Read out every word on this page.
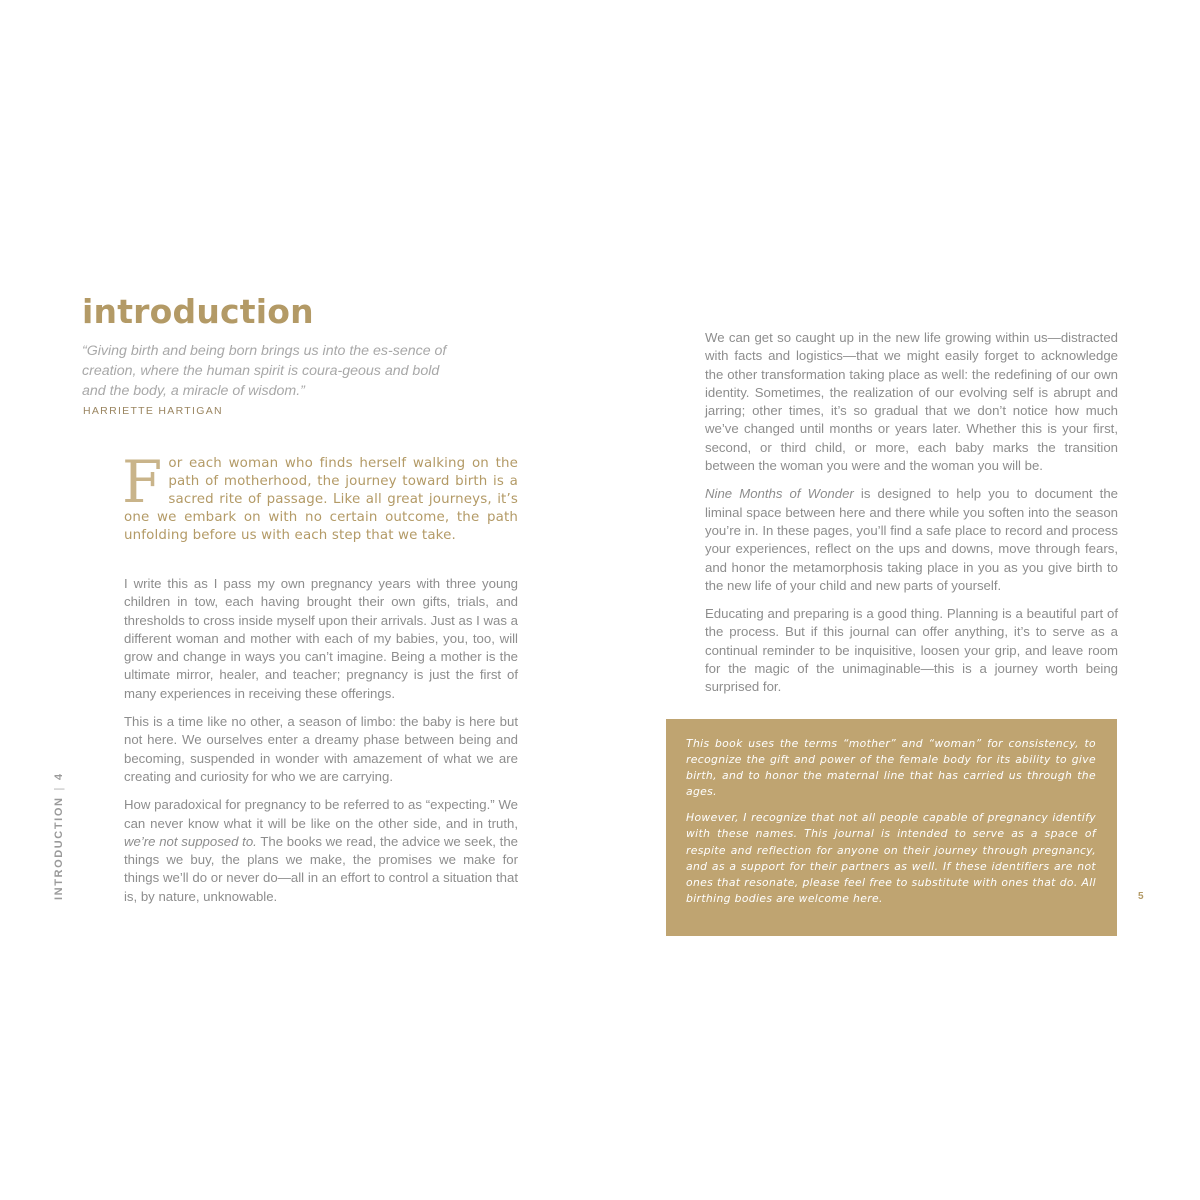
introduction

“Giving birth and being born brings us into the es-sence of creation, where the human spirit is coura-geous and bold and the body, a miracle of wisdom.”

HARRIETTE HARTIGAN

For each woman who finds herself walking on the path of motherhood, the journey toward birth is a sacred rite of passage. Like all great journeys, it’s one we embark on with no certain outcome, the path unfolding before us with each step that we take.

I write this as I pass my own pregnancy years with three young children in tow, each having brought their own gifts, trials, and thresholds to cross inside myself upon their arrivals. Just as I was a different woman and mother with each of my babies, you, too, will grow and change in ways you can’t imagine. Being a mother is the ultimate mirror, healer, and teacher; pregnancy is just the first of many experiences in receiving these offerings.

This is a time like no other, a season of limbo: the baby is here but not here. We ourselves enter a dreamy phase between being and becoming, suspended in wonder with amazement of what we are creating and curiosity for who we are carrying.

How paradoxical for pregnancy to be referred to as “expecting.” We can never know what it will be like on the other side, and in truth, we’re not supposed to. The books we read, the advice we seek, the things we buy, the plans we make, the promises we make for things we’ll do or never do—all in an effort to control a situation that is, by nature, unknowable.

INTRODUCTION|4

We can get so caught up in the new life growing within us—distracted with facts and logistics—that we might easily forget to acknowledge the other transformation taking place as well: the redefining of our own identity. Sometimes, the realization of our evolving self is abrupt and jarring; other times, it’s so gradual that we don’t notice how much we’ve changed until months or years later. Whether this is your first, second, or third child, or more, each baby marks the transition between the woman you were and the woman you will be.

Nine Months of Wonder is designed to help you to document the liminal space between here and there while you soften into the season you’re in. In these pages, you’ll find a safe place to record and process your experiences, reflect on the ups and downs, move through fears, and honor the metamorphosis taking place in you as you give birth to the new life of your child and new parts of yourself.

Educating and preparing is a good thing. Planning is a beautiful part of the process. But if this journal can offer anything, it’s to serve as a continual reminder to be inquisitive, loosen your grip, and leave room for the magic of the unimaginable—this is a journey worth being surprised for.

This book uses the terms “mother” and “woman” for consistency, to recognize the gift and power of the female body for its ability to give birth, and to honor the maternal line that has carried us through the ages.

However, I recognize that not all people capable of pregnancy identify with these names. This journal is intended to serve as a space of respite and reflection for anyone on their journey through pregnancy, and as a support for their partners as well. If these identifiers are not ones that resonate, please feel free to substitute with ones that do. All birthing bodies are welcome here.	5
